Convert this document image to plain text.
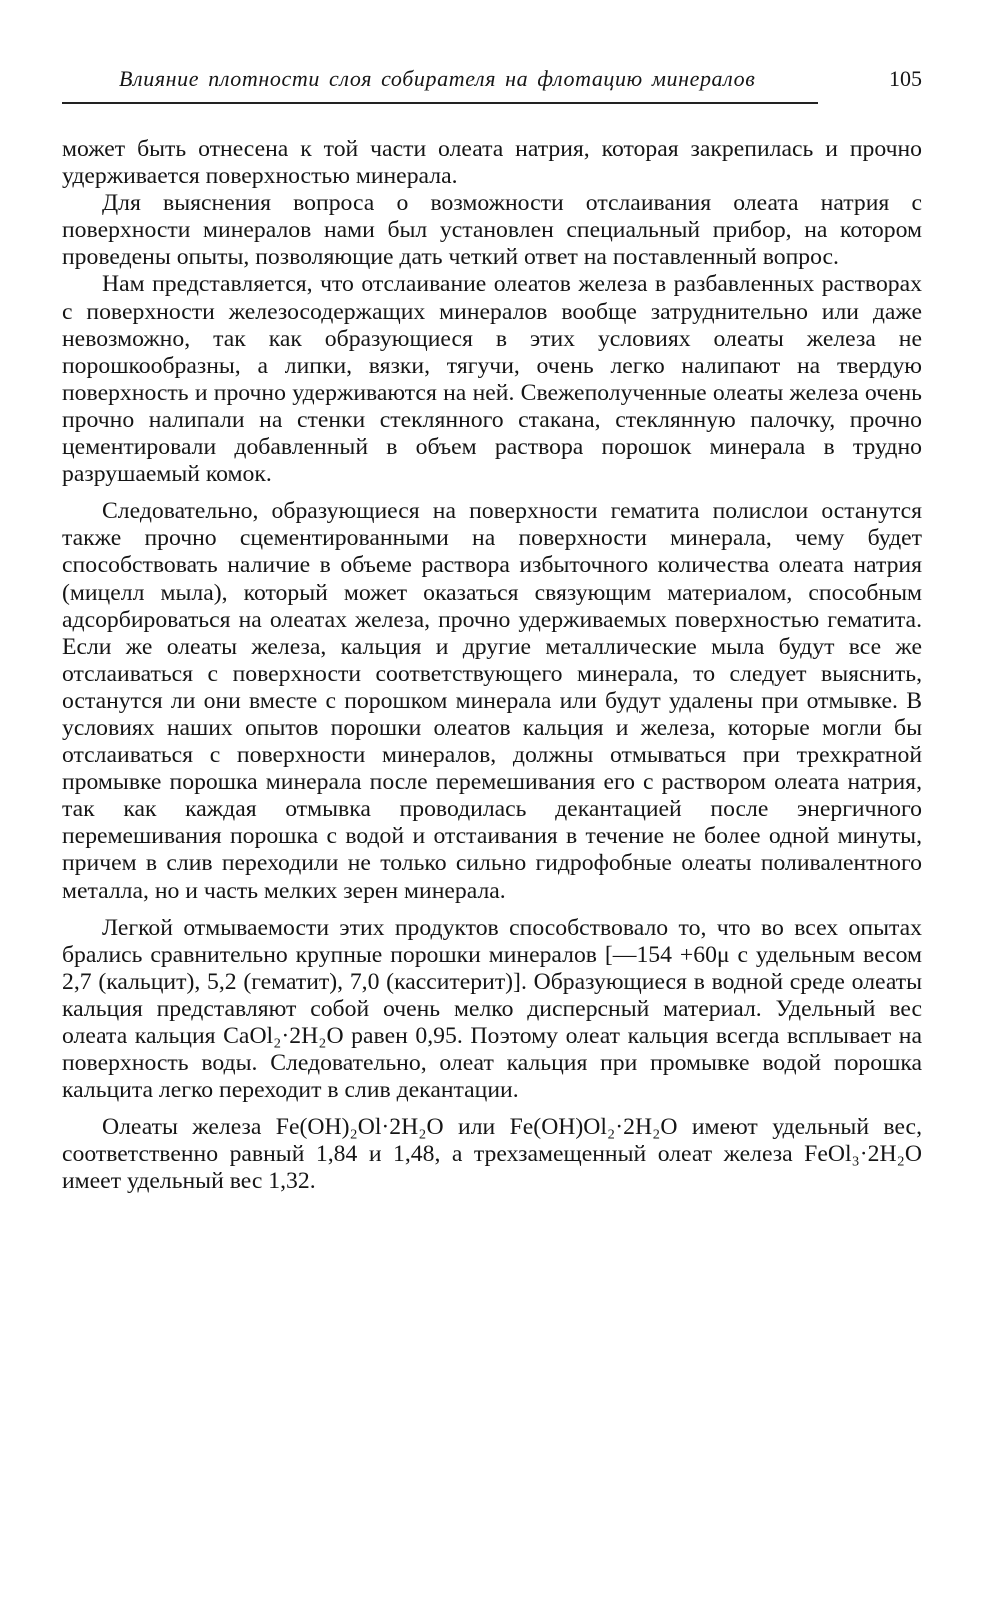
Влияние плотности слоя собирателя на флотацию минералов	105

может быть отнесена к той части олеата натрия, которая закрепилась и прочно удерживается поверхностью минерала.

Для выяснения вопроса о возможности отслаивания олеата натрия с поверхности минералов нами был установлен специальный прибор, на котором проведены опыты, позволяющие дать четкий ответ на поставленный вопрос.

Нам представляется, что отслаивание олеатов железа в разбавленных растворах с поверхности железосодержащих минералов вообще затруднительно или даже невозможно, так как образующиеся в этих условиях олеаты железа не порошкообразны, а липки, вязки, тягучи, очень легко налипают на твердую поверхность и прочно удерживаются на ней. Свежеполученные олеаты железа очень прочно налипали на стенки стеклянного стакана, стеклянную палочку, прочно цементировали добавленный в объем раствора порошок минерала в трудно разрушаемый комок.

Следовательно, образующиеся на поверхности гематита полислои останутся также прочно сцементированными на поверхности минерала, чему будет способствовать наличие в объеме раствора избыточного количества олеата натрия (мицелл мыла), который может оказаться связующим материалом, способным адсорбироваться на олеатах железа, прочно удерживаемых поверхностью гематита. Если же олеаты железа, кальция и другие металлические мыла будут все же отслаиваться с поверхности соответствующего минерала, то следует выяснить, останутся ли они вместе с порошком минерала или будут удалены при отмывке. В условиях наших опытов порошки олеатов кальция и железа, которые могли бы отслаиваться с поверхности минералов, должны отмываться при трехкратной промывке порошка минерала после перемешивания его с раствором олеата натрия, так как каждая отмывка проводилась декантацией после энергичного перемешивания порошка с водой и отстаивания в течение не более одной минуты, причем в слив переходили не только сильно гидрофобные олеаты поливалентного металла, но и часть мелких зерен минерала.

Легкой отмываемости этих продуктов способствовало то, что во всех опытах брались сравнительно крупные порошки минералов [—154 +60μ с удельным весом 2,7 (кальцит), 5,2 (гематит), 7,0 (касситерит)]. Образующиеся в водной среде олеаты кальция представляют собой очень мелко дисперсный материал. Удельный вес олеата кальция CaOl₂·2H₂O равен 0,95. Поэтому олеат кальция всегда всплывает на поверхность воды. Следовательно, олеат кальция при промывке водой порошка кальцита легко переходит в слив декантации.

Олеаты железа Fe(OH)₂Ol·2H₂O или Fe(OH)Ol₂·2H₂O имеют удельный вес, соответственно равный 1,84 и 1,48, а трехзамещенный олеат железа FeOl₃·2H₂O имеет удельный вес 1,32.
